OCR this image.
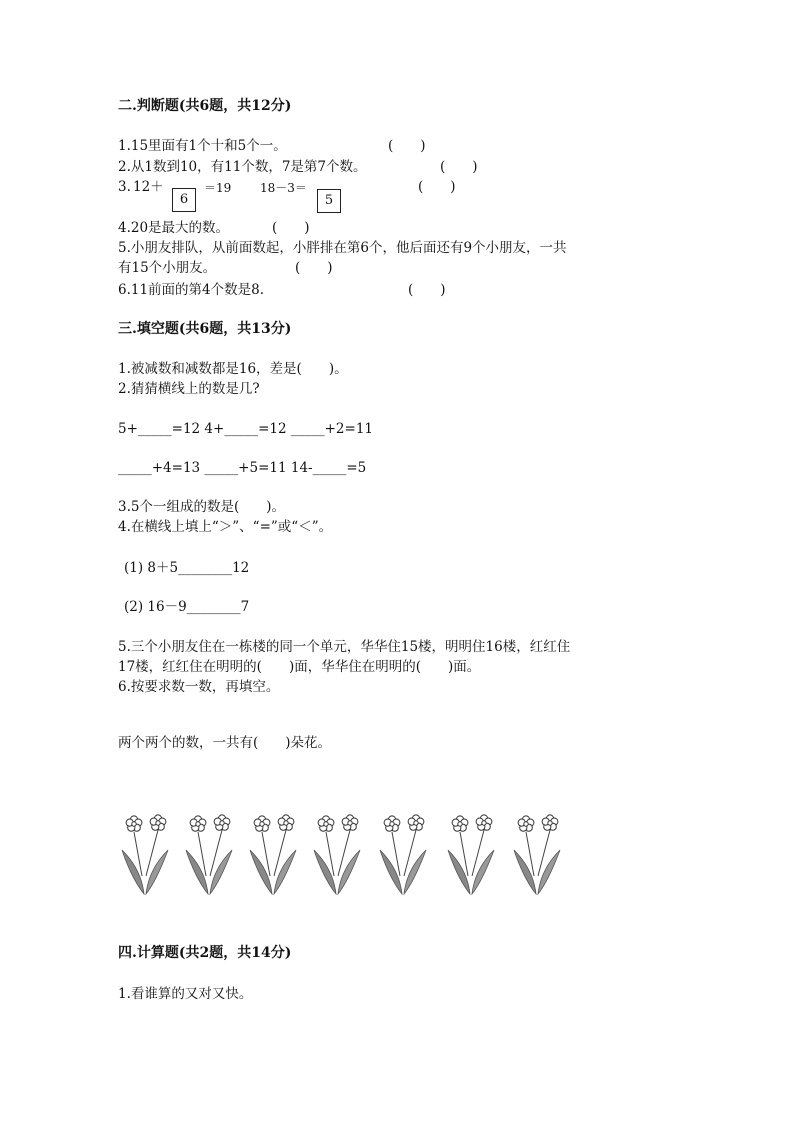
二.判断题(共6题，共12分)
1.15里面有1个十和5个一。	(　　)
2.从1数到10，有11个数，7是第7个数。	(　　)
3. 12＋
6
＝19 18－3＝
5
(　　)
4.20是最大的数。	(　　)
5.小朋友排队，从前面数起，小胖排在第6个，他后面还有9个小朋友，一共
有15个小朋友。	(　　)
6.11前面的第4个数是8.	(　　)
三.填空题(共6题，共13分)
1.被减数和减数都是16，差是(　　)。
2.猜猜横线上的数是几?
5+_____=12 4+_____=12 _____+2=11
_____+4=13 _____+5=11 14-_____=5
3.5个一组成的数是(　　)。
4.在横线上填上“＞”、“=”或“＜”。
(1) 8＋5________12
(2) 16－9________7
5.三个小朋友住在一栋楼的同一个单元，华华住15楼，明明住16楼，红红住
17楼，红红住在明明的(　　)面，华华住在明明的(　　)面。
6.按要求数一数，再填空。
两个两个的数，一共有(　　)朵花。
四.计算题(共2题，共14分)
1.看谁算的又对又快。
